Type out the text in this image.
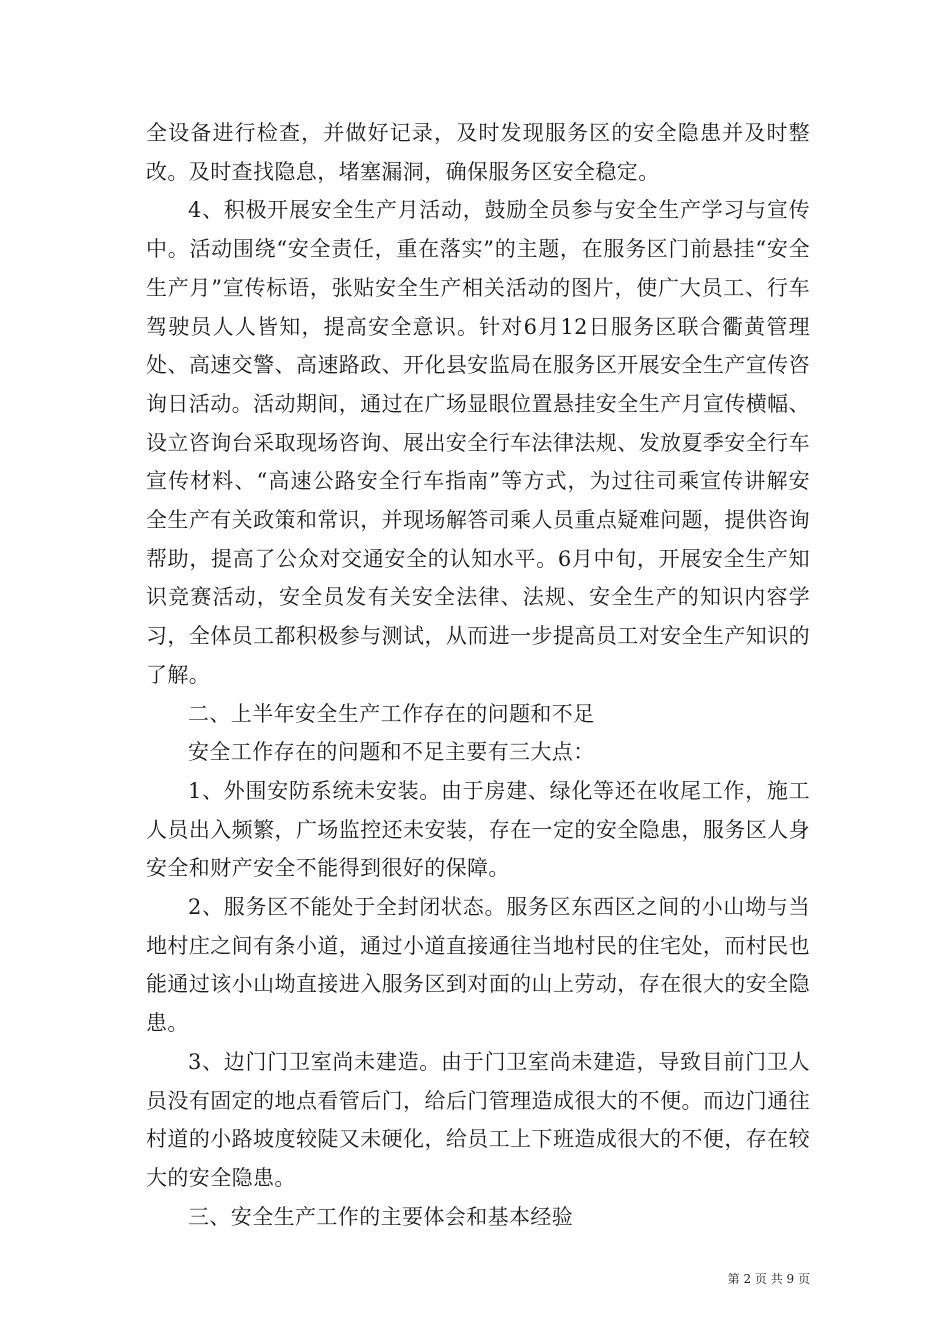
全设备进行检查，并做好记录，及时发现服务区的安全隐患并及时整改。及时查找隐息，堵塞漏洞，确保服务区安全稳定。

4、积极开展安全生产月活动，鼓励全员参与安全生产学习与宣传中。活动围绕“安全责任，重在落实”的主题，在服务区门前悬挂“安全生产月”宣传标语，张贴安全生产相关活动的图片，使广大员工、行车驾驶员人人皆知，提高安全意识。针对6月12日服务区联合衢黄管理处、高速交警、高速路政、开化县安监局在服务区开展安全生产宣传咨询日活动。活动期间，通过在广场显眼位置悬挂安全生产月宣传横幅、设立咨询台采取现场咨询、展出安全行车法律法规、发放夏季安全行车宣传材料、“高速公路安全行车指南”等方式，为过往司乘宣传讲解安全生产有关政策和常识，并现场解答司乘人员重点疑难问题，提供咨询帮助，提高了公众对交通安全的认知水平。6月中旬，开展安全生产知识竞赛活动，安全员发有关安全法律、法规、安全生产的知识内容学习，全体员工都积极参与测试，从而进一步提高员工对安全生产知识的了解。

二、上半年安全生产工作存在的问题和不足

安全工作存在的问题和不足主要有三大点：

1、外围安防系统未安装。由于房建、绿化等还在收尾工作，施工人员出入频繁，广场监控还未安装，存在一定的安全隐患，服务区人身安全和财产安全不能得到很好的保障。

2、服务区不能处于全封闭状态。服务区东西区之间的小山坳与当地村庄之间有条小道，通过小道直接通往当地村民的住宅处，而村民也能通过该小山坳直接进入服务区到对面的山上劳动，存在很大的安全隐患。

3、边门门卫室尚未建造。由于门卫室尚未建造，导致目前门卫人员没有固定的地点看管后门，给后门管理造成很大的不便。而边门通往村道的小路坡度较陡又未硬化，给员工上下班造成很大的不便，存在较大的安全隐患。

三、安全生产工作的主要体会和基本经验

第 2 页 共 9 页
